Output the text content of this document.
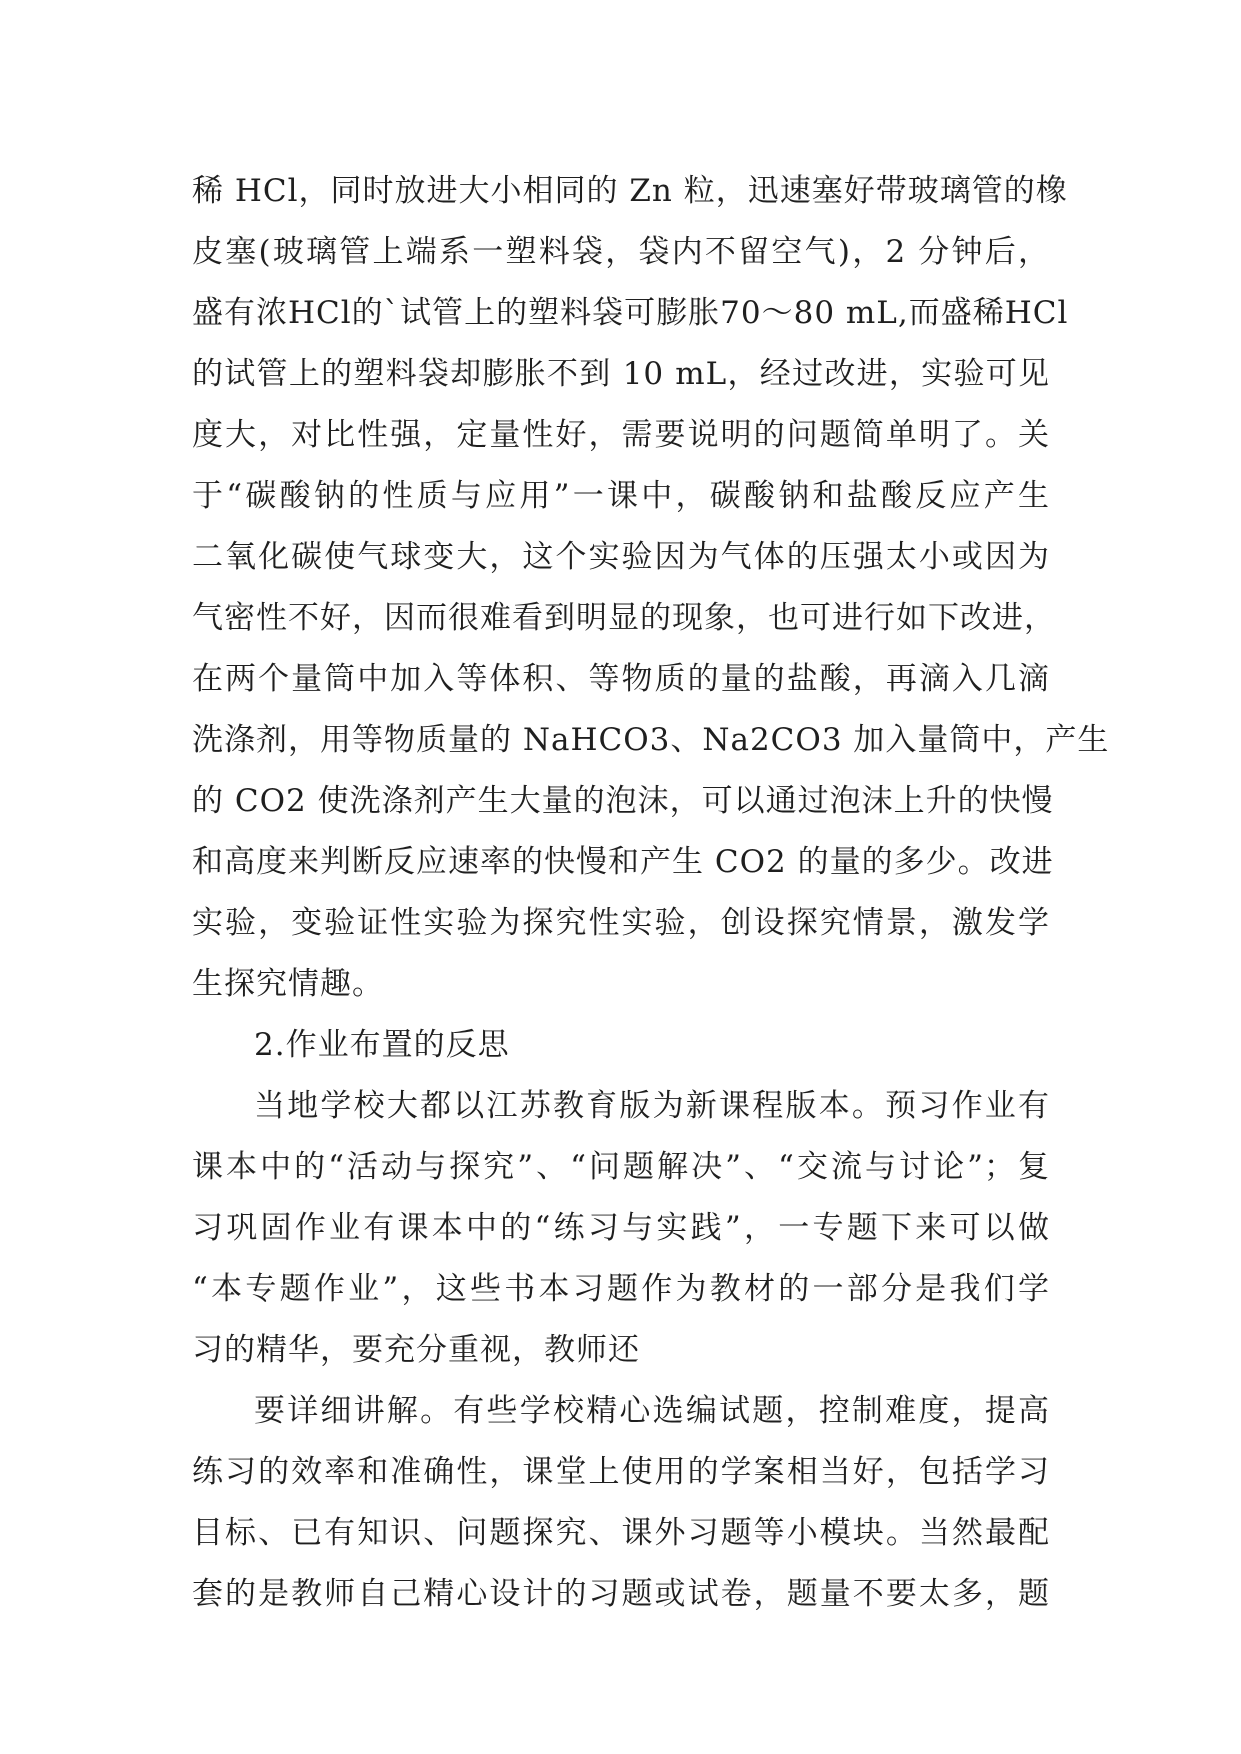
稀 HCl，同时放进大小相同的 Zn 粒，迅速塞好带玻璃管的橡
皮塞(玻璃管上端系一塑料袋，袋内不留空气)，2 分钟后，
盛有浓HCl的`试管上的塑料袋可膨胀70～80 mL,而盛稀HCl
的试管上的塑料袋却膨胀不到 10 mL，经过改进，实验可见
度大，对比性强，定量性好，需要说明的问题简单明了。关
于“碳酸钠的性质与应用”一课中，碳酸钠和盐酸反应产生
二氧化碳使气球变大，这个实验因为气体的压强太小或因为
气密性不好，因而很难看到明显的现象，也可进行如下改进，
在两个量筒中加入等体积、等物质的量的盐酸，再滴入几滴
洗涤剂，用等物质量的 NaHCO3、Na2CO3 加入量筒中，产生
的 CO2 使洗涤剂产生大量的泡沫，可以通过泡沫上升的快慢
和高度来判断反应速率的快慢和产生 CO2 的量的多少。改进
实验，变验证性实验为探究性实验，创设探究情景，激发学
生探究情趣。
2.作业布置的反思
当地学校大都以江苏教育版为新课程版本。预习作业有
课本中的“活动与探究”、“问题解决”、“交流与讨论”；复
习巩固作业有课本中的“练习与实践”，一专题下来可以做
“本专题作业”，这些书本习题作为教材的一部分是我们学
习的精华，要充分重视，教师还
要详细讲解。有些学校精心选编试题，控制难度，提高
练习的效率和准确性，课堂上使用的学案相当好，包括学习
目标、已有知识、问题探究、课外习题等小模块。当然最配
套的是教师自己精心设计的习题或试卷，题量不要太多，题
